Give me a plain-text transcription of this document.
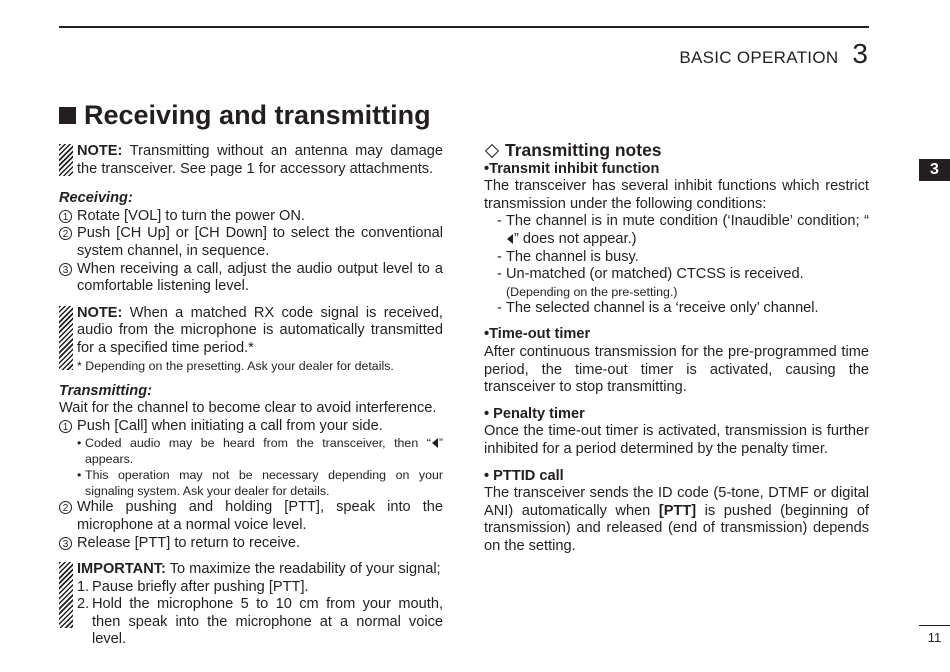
BASIC OPERATION 3
3
Receiving and transmitting
NOTE: Transmitting without an antenna may damage the transceiver. See page 1 for accessory attachments.
Receiving:
1 Rotate [VOL] to turn the power ON.
2 Push [CH Up] or [CH Down] to select the conventional system channel, in sequence.
3 When receiving a call, adjust the audio output level to a comfortable listening level.
NOTE: When a matched RX code signal is received, audio from the microphone is automatically transmitted for a specified time period.*
* Depending on the presetting. Ask your dealer for details.
Transmitting:
Wait for the channel to become clear to avoid interference.
1 Push [Call] when initiating a call from your side.
• Coded audio may be heard from the transceiver, then “ ” appears.
• This operation may not be necessary depending on your signaling system. Ask your dealer for details.
2 While pushing and holding [PTT], speak into the microphone at a normal voice level.
3 Release [PTT] to return to receive.
IMPORTANT: To maximize the readability of your signal;
1. Pause briefly after pushing [PTT].
2. Hold the microphone 5 to 10 cm from your mouth, then speak into the microphone at a normal voice level.
Transmitting notes
•Transmit inhibit function
The transceiver has several inhibit functions which restrict transmission under the following conditions:
- The channel is in mute condition (‘Inaudible’ condition; “” does not appear.)
- The channel is busy.
- Un-matched (or matched) CTCSS is received.
(Depending on the pre-setting.)
- The selected channel is a ‘receive only’ channel.
•Time-out timer
After continuous transmission for the pre-programmed time period, the time-out timer is activated, causing the transceiver to stop transmitting.
• Penalty timer
Once the time-out timer is activated, transmission is further inhibited for a period determined by the penalty timer.
• PTTID call
The transceiver sends the ID code (5-tone, DTMF or digital ANI) automatically when [PTT] is pushed (beginning of transmission) and released (end of transmission) depends on the setting.
11
